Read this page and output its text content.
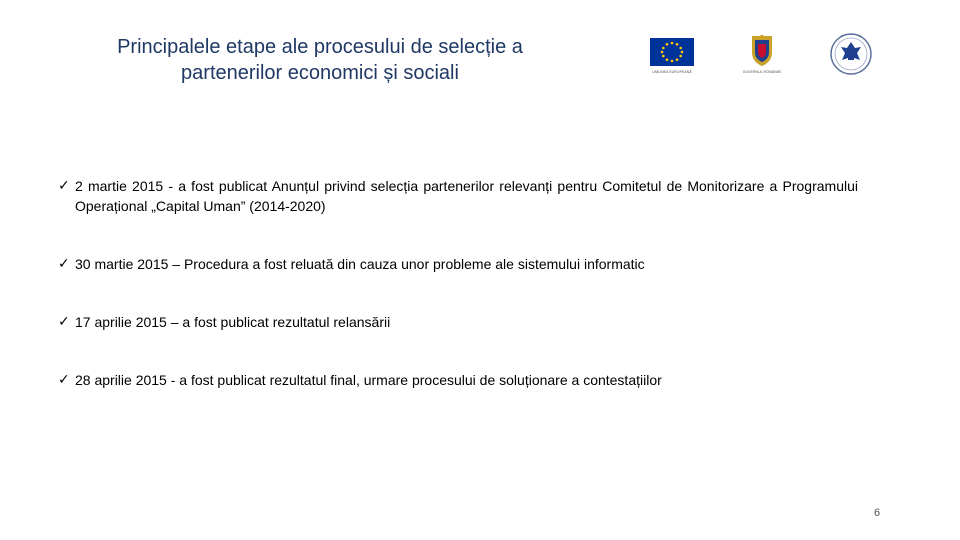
Principalele etape ale procesului de selecție a
partenerilor economici și sociali	UNIUNEA EUROPEANĂ	GUVERNUL ROMÂNIEI
✓ 2 martie 2015 - a fost publicat Anunțul privind selecția partenerilor relevanți pentru Comitetul de Monitorizare a Programului Operațional „Capital Uman” (2014-2020)
✓ 30 martie 2015 – Procedura a fost reluată din cauza unor probleme ale sistemului informatic
✓ 17 aprilie 2015 – a fost publicat rezultatul relansării
✓ 28 aprilie 2015 - a fost publicat rezultatul final, urmare procesului de soluționare a contestațiilor
6
